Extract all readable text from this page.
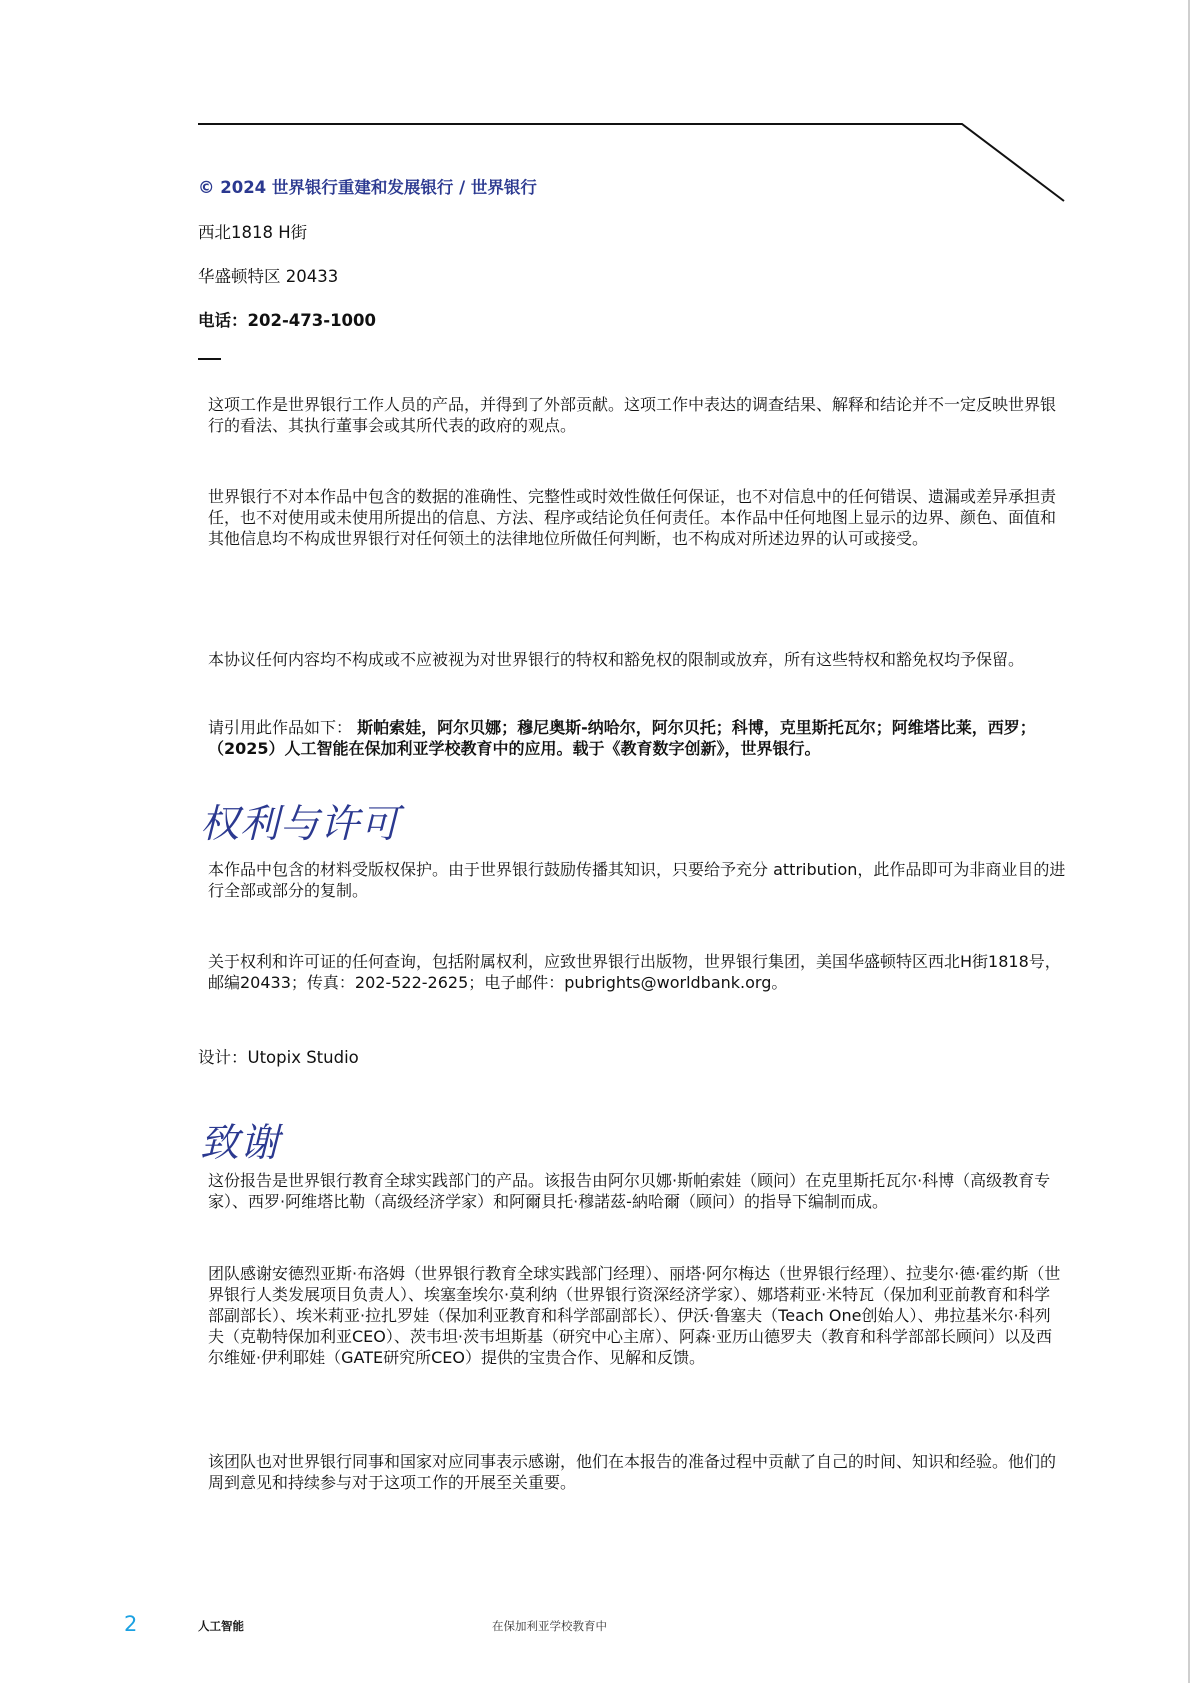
© 2024 世界银行重建和发展银行 / 世界银行
西北1818 H街
华盛顿特区 20433
电话：202-473-1000
这项工作是世界银行工作人员的产品，并得到了外部贡献。这项工作中表达的调查结果、解释和结论并不一定反映世界银行的看法、其执行董事会或其所代表的政府的观点。
世界银行不对本作品中包含的数据的准确性、完整性或时效性做任何保证，也不对信息中的任何错误、遗漏或差异承担责任，也不对使用或未使用所提出的信息、方法、程序或结论负任何责任。本作品中任何地图上显示的边界、颜色、面值和其他信息均不构成世界银行对任何领土的法律地位所做任何判断，也不构成对所述边界的认可或接受。
本协议任何内容均不构成或不应被视为对世界银行的特权和豁免权的限制或放弃，所有这些特权和豁免权均予保留。
请引用此作品如下： 斯帕索娃，阿尔贝娜；穆尼奥斯-纳哈尔，阿尔贝托；科博，克里斯托瓦尔；阿维塔比莱，西罗；（2025）人工智能在保加利亚学校教育中的应用。载于《教育数字创新》，世界银行。
权利与许可
本作品中包含的材料受版权保护。由于世界银行鼓励传播其知识，只要给予充分 attribution，此作品即可为非商业目的进行全部或部分的复制。
关于权利和许可证的任何查询，包括附属权利，应致世界银行出版物，世界银行集团，美国华盛顿特区西北H街1818号，邮编20433；传真：202-522-2625；电子邮件：pubrights@worldbank.org。
设计：Utopix Studio
致谢
这份报告是世界银行教育全球实践部门的产品。该报告由阿尔贝娜·斯帕索娃（顾问）在克里斯托瓦尔·科博（高级教育专家）、西罗·阿维塔比勒（高级经济学家）和阿爾貝托·穆諾茲-納哈爾（顾问）的指导下编制而成。
团队感谢安德烈亚斯·布洛姆（世界银行教育全球实践部门经理）、丽塔·阿尔梅达（世界银行经理）、拉斐尔·德·霍约斯（世界银行人类发展项目负责人）、埃塞奎埃尔·莫利纳（世界银行资深经济学家）、娜塔莉亚·米特瓦（保加利亚前教育和科学部副部长）、埃米莉亚·拉扎罗娃（保加利亚教育和科学部副部长）、伊沃·鲁塞夫（Teach One创始人）、弗拉基米尔·科列夫（克勒特保加利亚CEO）、茨韦坦·茨韦坦斯基（研究中心主席）、阿森·亚历山德罗夫（教育和科学部部长顾问）以及西尔维娅·伊利耶娃（GATE研究所CEO）提供的宝贵合作、见解和反馈。
该团队也对世界银行同事和国家对应同事表示感谢，他们在本报告的准备过程中贡献了自己的时间、知识和经验。他们的周到意见和持续参与对于这项工作的开展至关重要。
2	人工智能	在保加利亚学校教育中
